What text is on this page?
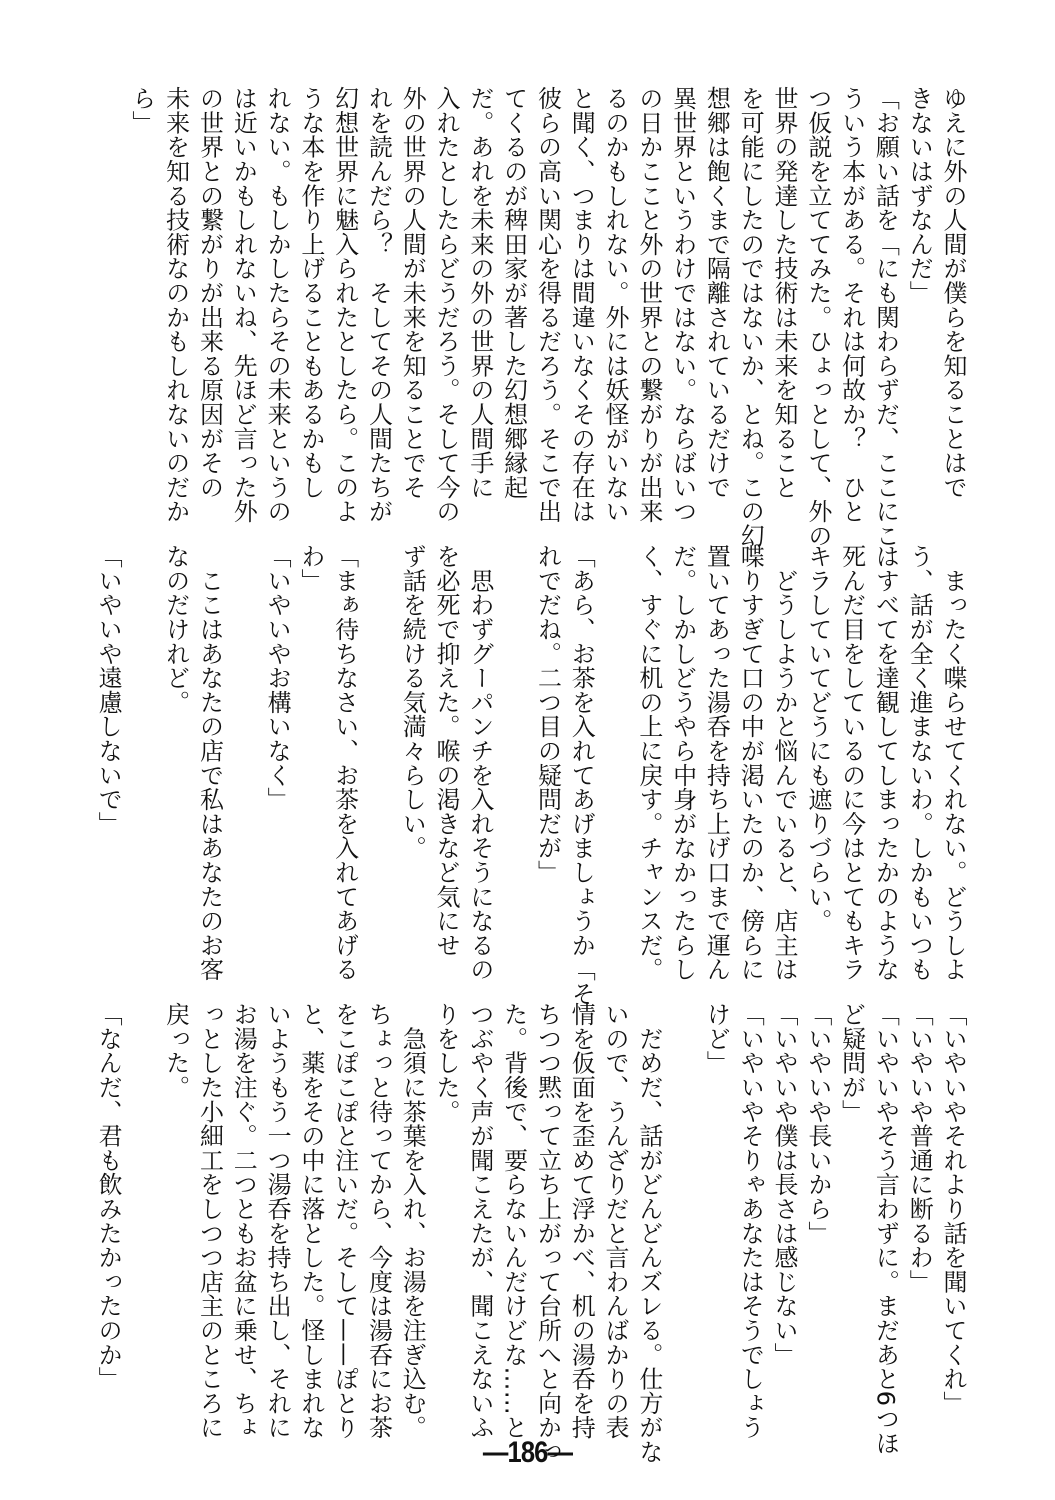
ゆえに外の人間が僕らを知ることはで
きないはずなんだ」
「お願い話を「にも関わらずだ、ここにこ
ういう本がある。それは何故か？　ひと
つ仮説を立ててみた。ひょっとして、外の
世界の発達した技術は未来を知ること
を可能にしたのではないか、とね。この幻
想郷は飽くまで隔離されているだけで
異世界というわけではない。ならばいつ
の日かここと外の世界との繋がりが出来
るのかもしれない。外には妖怪がいない
と聞く、つまりは間違いなくその存在は
彼らの高い関心を得るだろう。そこで出
てくるのが稗田家が著した幻想郷縁起
だ。あれを未来の外の世界の人間手に
入れたとしたらどうだろう。そして今の
外の世界の人間が未来を知ることでそ
れを読んだら？　そしてその人間たちが
幻想世界に魅入られたとしたら。このよ
うな本を作り上げることもあるかもし
れない。もしかしたらその未来というの
は近いかもしれないね、先ほど言った外
の世界との繋がりが出来る原因がその
未来を知る技術なのかもしれないのだか
ら」
　まったく喋らせてくれない。どうしよ
う、話が全く進まないわ。しかもいつも
はすべてを達観してしまったかのような
死んだ目をしているのに今はとてもキラ
キラしていてどうにも遮りづらい。
　どうしようかと悩んでいると、店主は
喋りすぎて口の中が渇いたのか、傍らに
置いてあった湯呑を持ち上げ口まで運ん
だ。しかしどうやら中身がなかったらし
く、すぐに机の上に戻す。チャンスだ。
「あら、お茶を入れてあげましょうか「そ
れでだね。二つ目の疑問だが」
　思わずグーパンチを入れそうになるの
を必死で抑えた。喉の渇きなど気にせ
ず話を続ける気満々らしい。
「まぁ待ちなさい、お茶を入れてあげる
わ」
「いやいやお構いなく」
　ここはあなたの店で私はあなたのお客
なのだけれど。
「いやいや遠慮しないで」
「いやいやそれより話を聞いてくれ」
「いやいや普通に断るわ」
「いやいやそう言わずに。まだあと6つほ
ど疑問が」
「いやいや長いから」
「いやいや僕は長さは感じない」
「いやいやそりゃあなたはそうでしょう
けど」
　だめだ、話がどんどんズレる。仕方がな
いので、うんざりだと言わんばかりの表
情を仮面を歪めて浮かべ、机の湯呑を持
ちつつ黙って立ち上がって台所へと向かっ
た。背後で、要らないんだけどな……と
つぶやく声が聞こえたが、聞こえないふ
りをした。
　急須に茶葉を入れ、お湯を注ぎ込む。
ちょっと待ってから、今度は湯呑にお茶
をこぽこぽと注いだ。そして——ぽとり
と、薬をその中に落とした。怪しまれな
いようもう一つ湯呑を持ち出し、それに
お湯を注ぐ。二つともお盆に乗せ、ちょ
っとした小細工をしつつ店主のところに
戻った。
「なんだ、君も飲みたかったのか」
—186—
